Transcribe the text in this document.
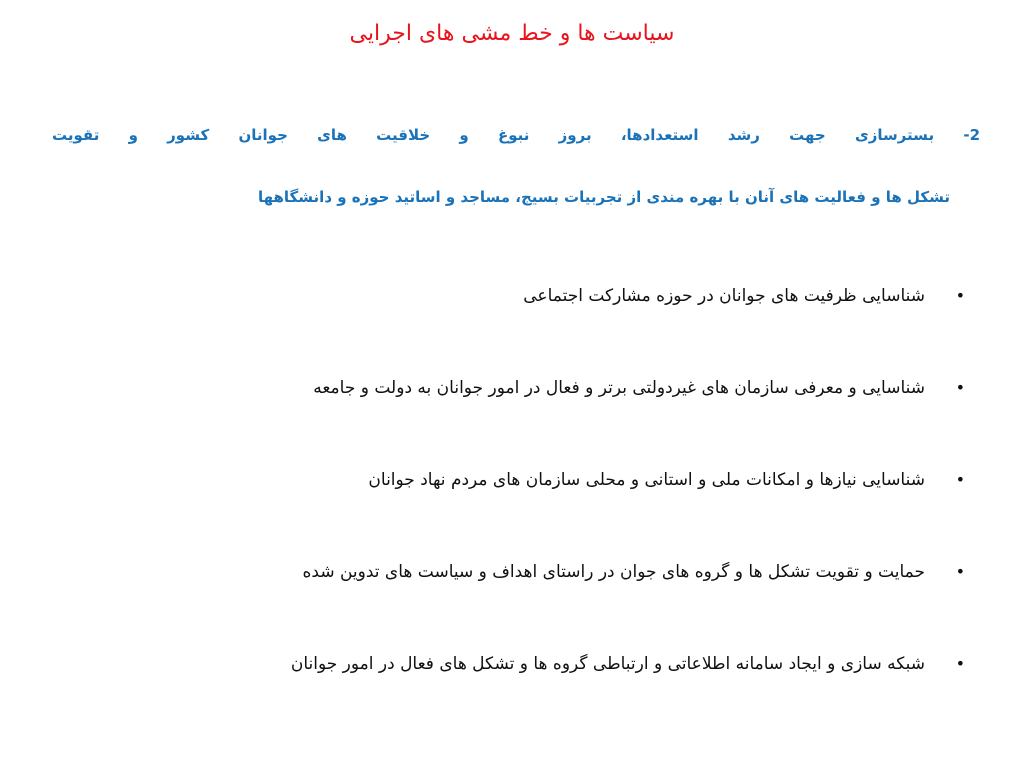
سیاست ها و خط مشی های اجرایی
2- بسترسازی جهت رشد استعدادها، بروز نبوغ و خلاقیت های جوانان کشور و تقویت
تشکل ها و فعالیت های آنان با بهره مندی از تجربیات بسیج، مساجد و اساتید حوزه و دانشگاهها
•
شناسایی ظرفیت های جوانان در حوزه مشارکت اجتماعی
•
شناسایی و معرفی سازمان های غیردولتی برتر و فعال در امور جوانان به دولت و جامعه
•
شناسایی نیازها و امکانات ملی و استانی و محلی سازمان های مردم نهاد جوانان
•
حمایت و تقویت تشکل ها و گروه های جوان در راستای اهداف و سیاست های تدوین شده
•
شبکه سازی و ایجاد سامانه اطلاعاتی و ارتباطی گروه ها و تشکل های فعال در امور جوانان
